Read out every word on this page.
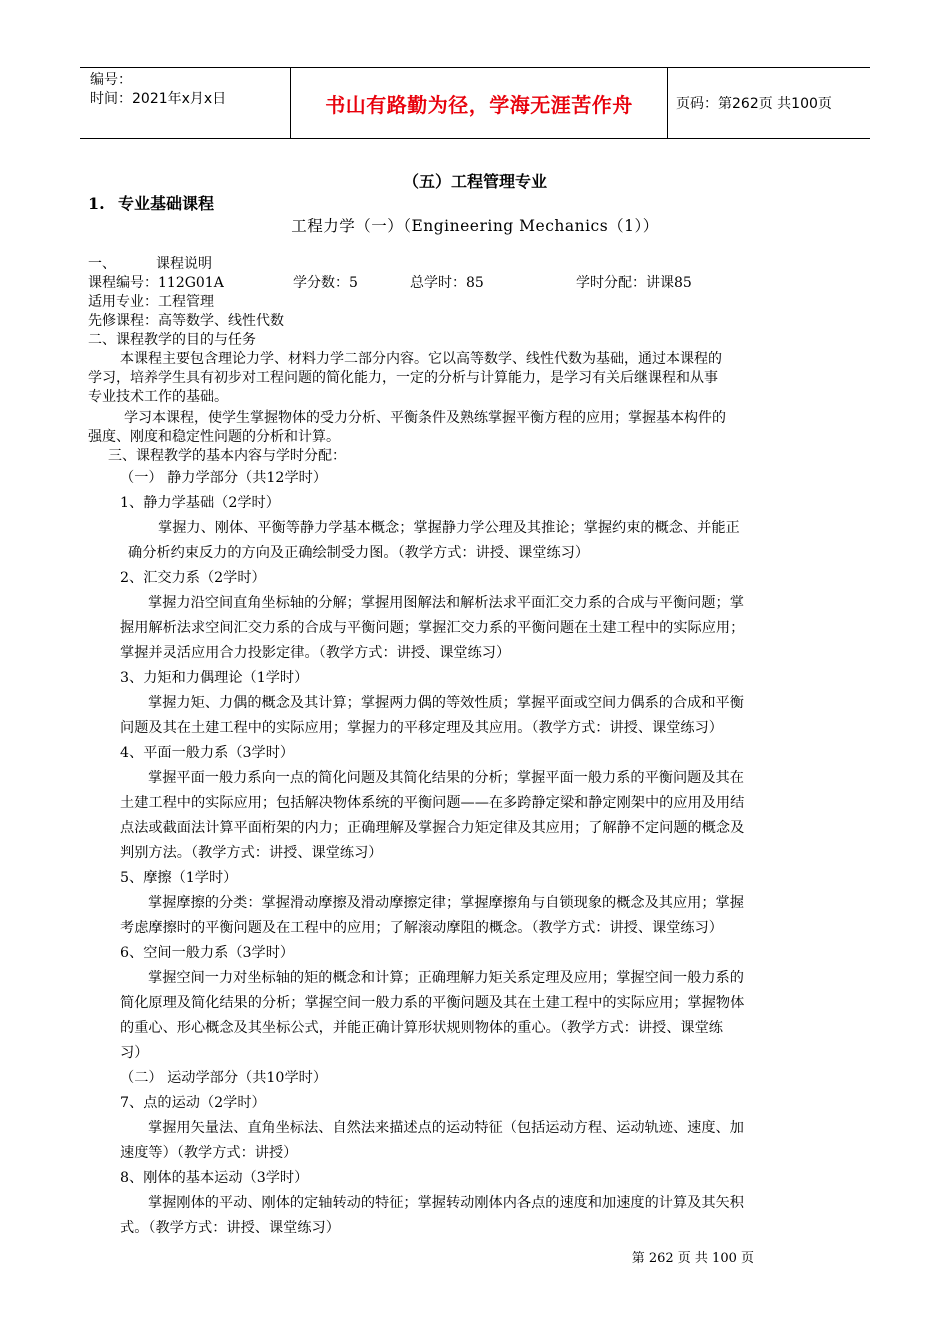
编号：
时间：2021年x月x日	书山有路勤为径，学海无涯苦作舟	页码：第262页 共100页
（五）工程管理专业
1. 专业基础课程
工程力学（一）（Engineering Mechanics（1））
一、	课程说明
课程编号：112G01A	学分数：5	总学时：85	学时分配：讲课85
适用专业：工程管理
先修课程：高等数学、线性代数
二、课程教学的目的与任务
本课程主要包含理论力学、材料力学二部分内容。它以高等数学、线性代数为基础，通过本课程的
学习，培养学生具有初步对工程问题的简化能力，一定的分析与计算能力，是学习有关后继课程和从事
专业技术工作的基础。
学习本课程，使学生掌握物体的受力分析、平衡条件及熟练掌握平衡方程的应用；掌握基本构件的
强度、刚度和稳定性问题的分析和计算。
三、课程教学的基本内容与学时分配：
（一） 静力学部分（共12学时）
1、静力学基础（2学时）
掌握力、刚体、平衡等静力学基本概念；掌握静力学公理及其推论；掌握约束的概念、并能正
确分析约束反力的方向及正确绘制受力图。（教学方式：讲授、课堂练习）
2、汇交力系（2学时）
掌握力沿空间直角坐标轴的分解；掌握用图解法和解析法求平面汇交力系的合成与平衡问题；掌
握用解析法求空间汇交力系的合成与平衡问题；掌握汇交力系的平衡问题在土建工程中的实际应用；
掌握并灵活应用合力投影定律。（教学方式：讲授、课堂练习）
3、力矩和力偶理论（1学时）
掌握力矩、力偶的概念及其计算；掌握两力偶的等效性质；掌握平面或空间力偶系的合成和平衡
问题及其在土建工程中的实际应用；掌握力的平移定理及其应用。（教学方式：讲授、课堂练习）
4、平面一般力系（3学时）
掌握平面一般力系向一点的简化问题及其简化结果的分析；掌握平面一般力系的平衡问题及其在
土建工程中的实际应用；包括解决物体系统的平衡问题——在多跨静定梁和静定刚架中的应用及用结
点法或截面法计算平面桁架的内力；正确理解及掌握合力矩定律及其应用；了解静不定问题的概念及
判别方法。（教学方式：讲授、课堂练习）
5、摩擦（1学时）
掌握摩擦的分类：掌握滑动摩擦及滑动摩擦定律；掌握摩擦角与自锁现象的概念及其应用；掌握
考虑摩擦时的平衡问题及在工程中的应用；了解滚动摩阻的概念。（教学方式：讲授、课堂练习）
6、空间一般力系（3学时）
掌握空间一力对坐标轴的矩的概念和计算；正确理解力矩关系定理及应用；掌握空间一般力系的
简化原理及简化结果的分析；掌握空间一般力系的平衡问题及其在土建工程中的实际应用；掌握物体
的重心、形心概念及其坐标公式，并能正确计算形状规则物体的重心。（教学方式：讲授、课堂练
习）
（二） 运动学部分（共10学时）
7、点的运动（2学时）
掌握用矢量法、直角坐标法、自然法来描述点的运动特征（包括运动方程、运动轨迹、速度、加
速度等）（教学方式：讲授）
8、刚体的基本运动（3学时）
掌握刚体的平动、刚体的定轴转动的特征；掌握转动刚体内各点的速度和加速度的计算及其矢积
式。（教学方式：讲授、课堂练习）
第 262 页 共 100 页
